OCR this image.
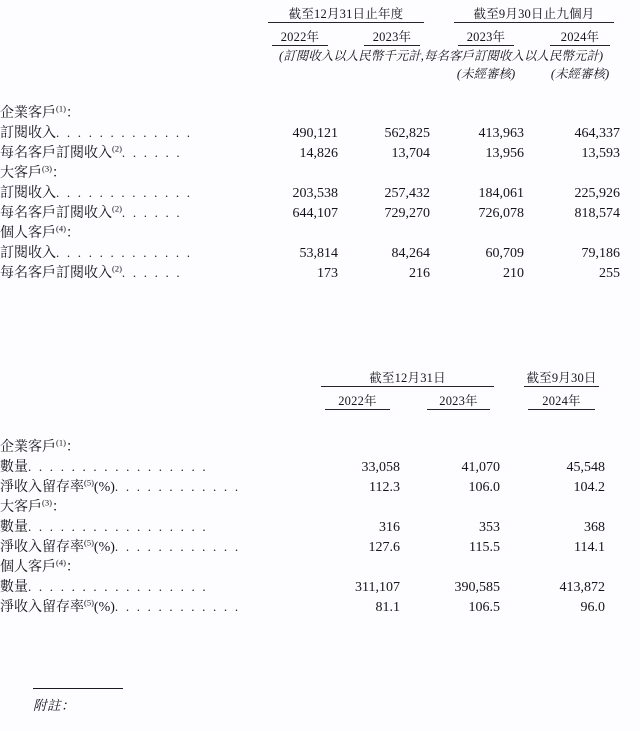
	截至12月31日止年度				截至9月30日止九個月			

	2022年		2023年		2023年		2024年	

	(訂閱收入以人民幣千元計,每名客戶訂閱收入以人民幣元計)							
					(未經審核)		(未經審核)	
企業客戶$^{(1)}$：								
訂閱收入. . . . . . . . . . . . .	490,121		562,825		413,963		464,337	
每名客戶訂閱收入$^{(2)}$. . . . . .	14,826		13,704		13,956		13,593	
大客戶$^{(3)}$：								
訂閱收入. . . . . . . . . . . . .	203,538		257,432		184,061		225,926	
每名客戶訂閱收入$^{(2)}$. . . . . .	644,107		729,270		726,078		818,574	
個人客戶$^{(4)}$：								
訂閱收入. . . . . . . . . . . . .	53,814		84,264		60,709		79,186	
每名客戶訂閱收入$^{(2)}$. . . . . .	173		216		210		255	
	截至12月31日				截至9月30日	

	2022年		2023年		2024年	

企業客戶$^{(1)}$：						
數量. . . . . . . . . . . . . . . . .	33,058		41,070		45,548	
淨收入留存率$^{(5)}$(%). . . . . . . . . . . .	112.3		106.0		104.2	
大客戶$^{(3)}$：						
數量. . . . . . . . . . . . . . . . .	316		353		368	
淨收入留存率$^{(5)}$(%). . . . . . . . . . . .	127.6		115.5		114.1	
個人客戶$^{(4)}$：						
數量. . . . . . . . . . . . . . . . .	311,107		390,585		413,872	
淨收入留存率$^{(5)}$(%). . . . . . . . . . . .	81.1		106.5		96.0	
附註：
